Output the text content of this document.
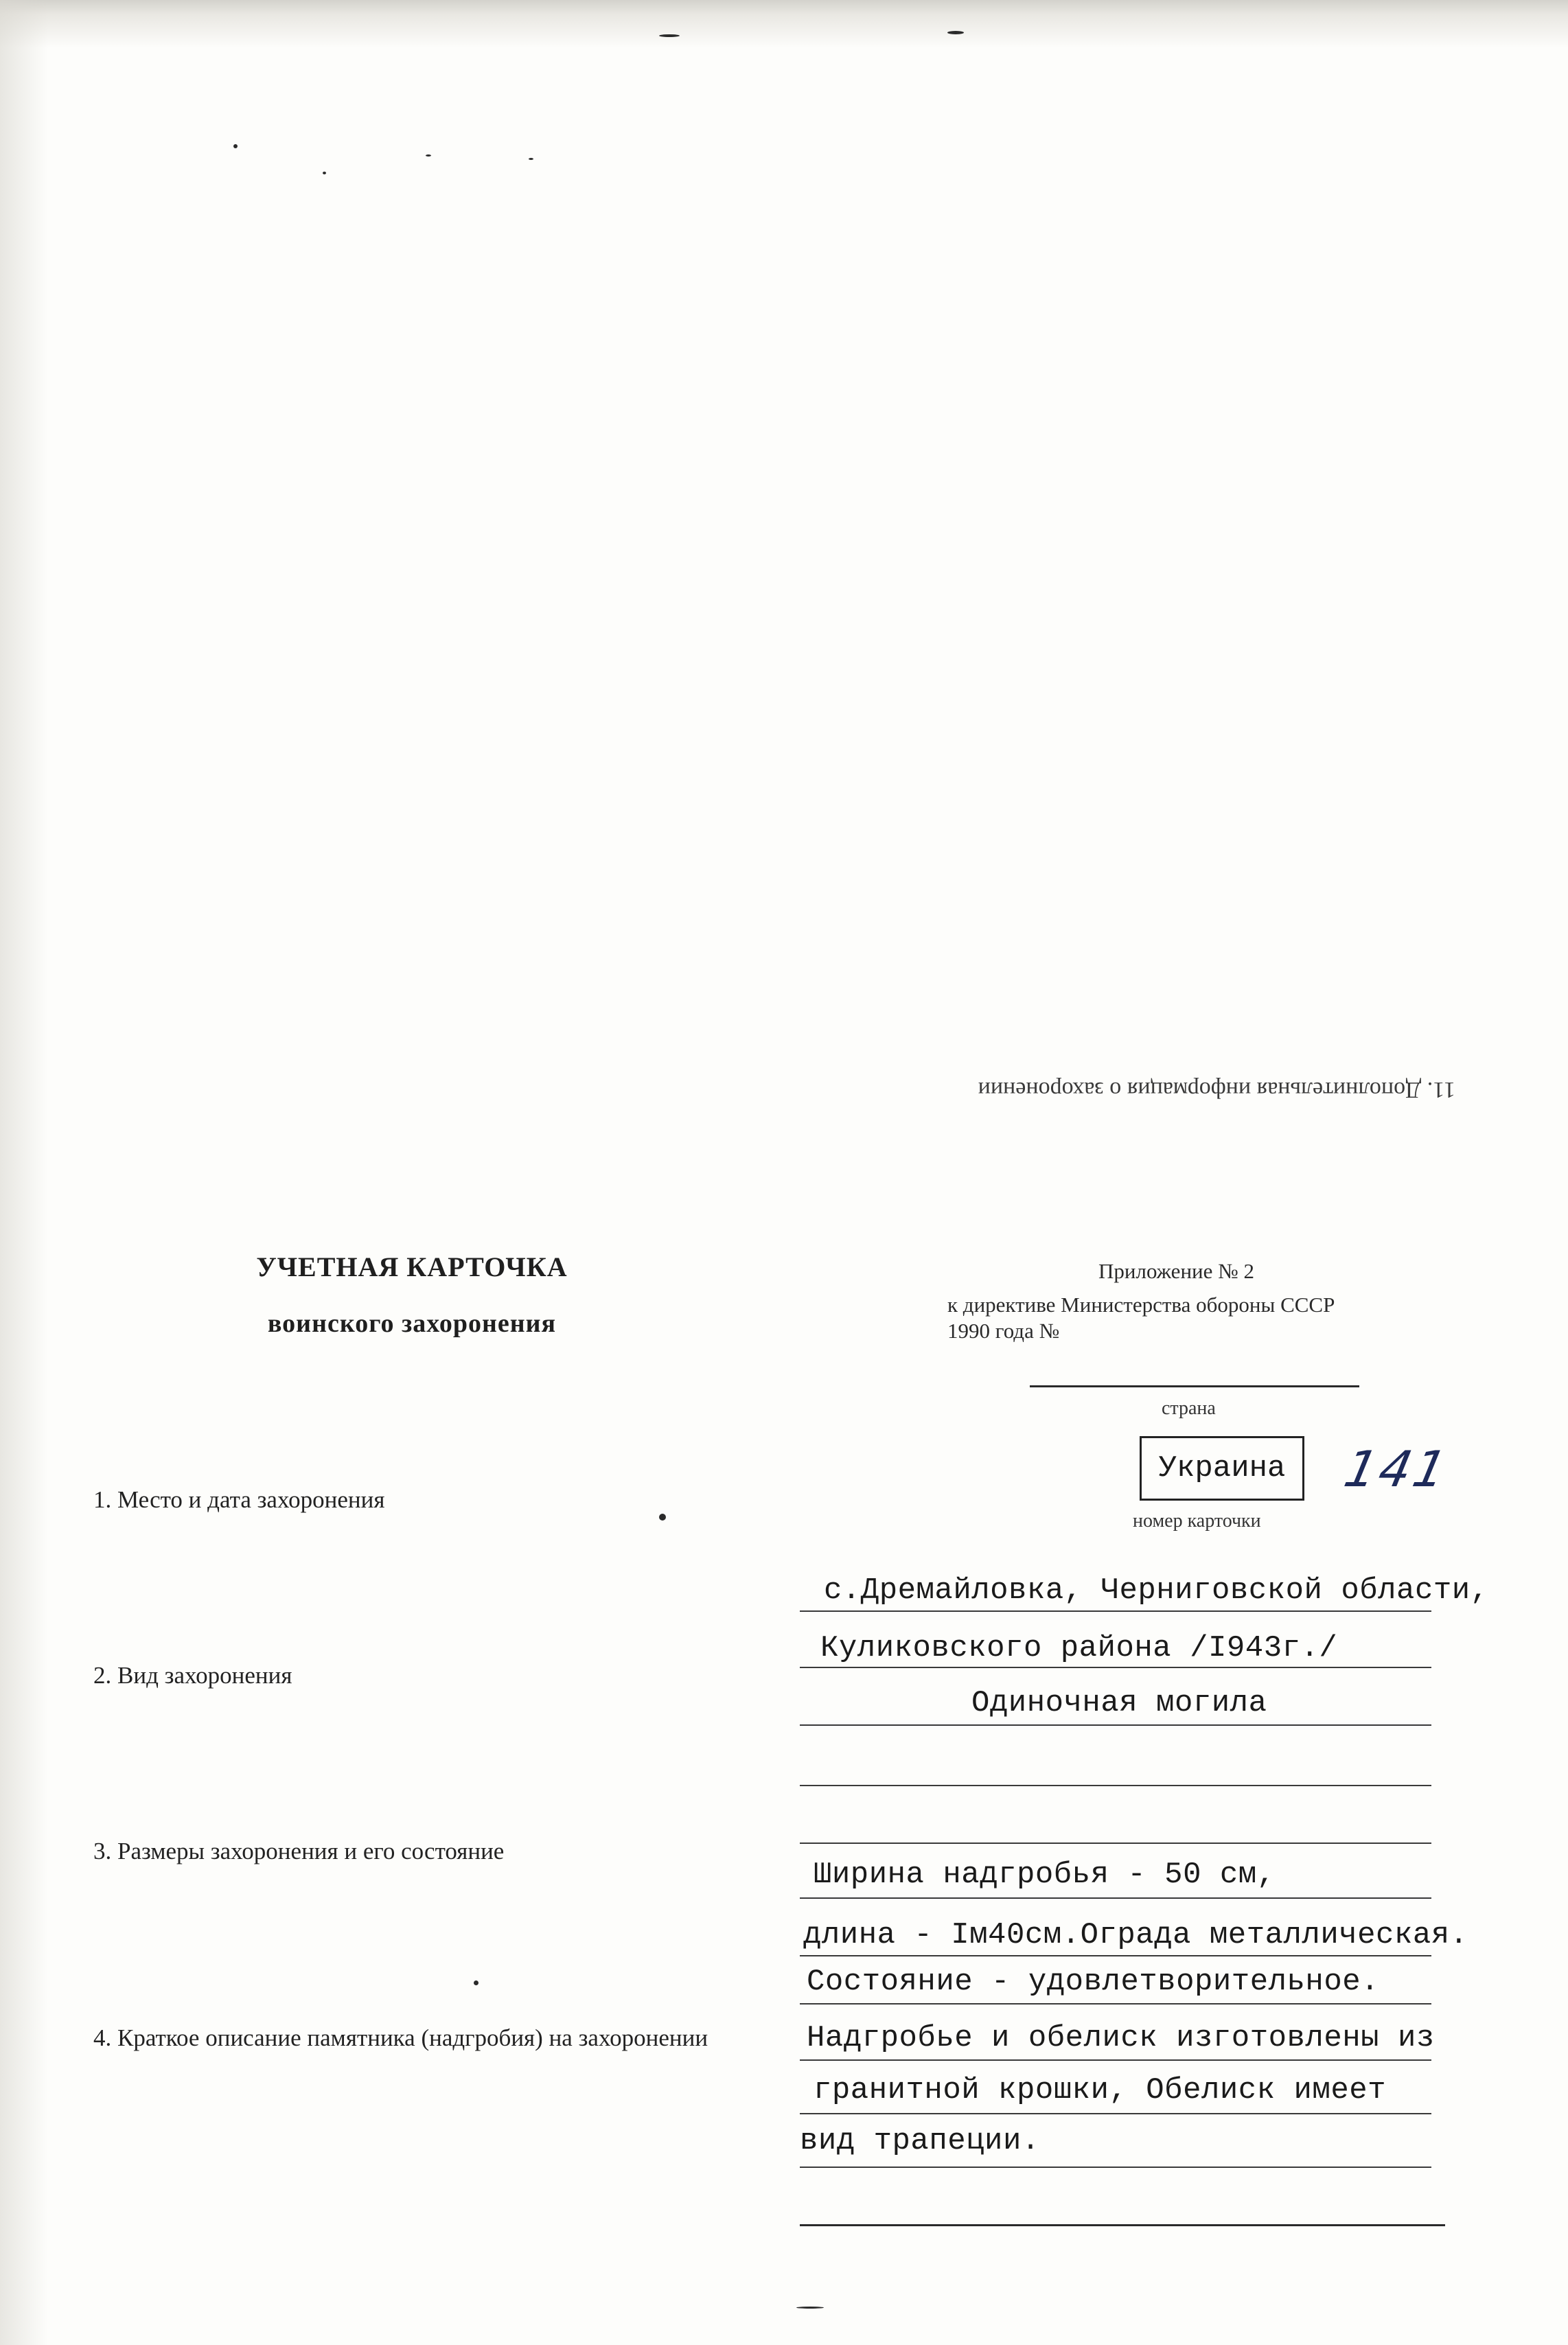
11. Дополнительная информация о захоронении
УЧЕТНАЯ КАРТОЧКА
воинского захоронения
Приложение № 2
к директиве Министерства обороны СССР
1990 года №
страна
Украина 141
номер карточки
1. Место и дата захоронения
2. Вид захоронения
3. Размеры захоронения и его состояние
4. Краткое описание памятника (надгробия) на захоронении
с.Дремайловка, Черниговской области,
Куликовского района /I943г./
Одиночная могила
Ширина надгробья - 50 см,
длина - Iм40см.Ограда металлическая.
Состояние - удовлетворительное.
Надгробье и обелиск изготовлены из
гранитной крошки, Обелиск имеет
вид трапеции.
